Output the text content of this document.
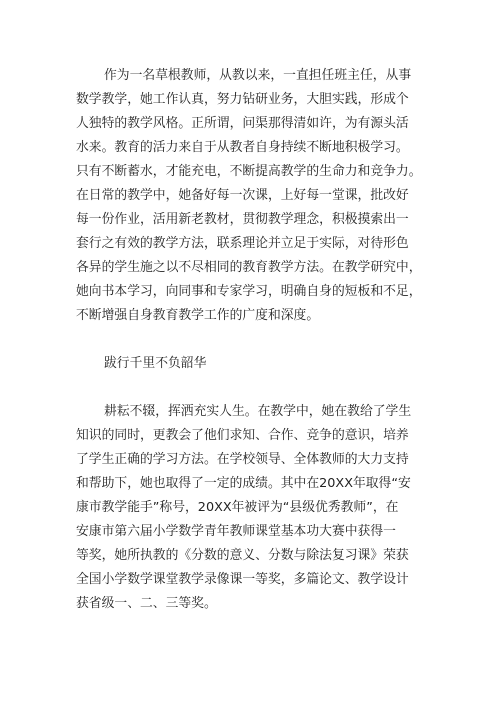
作为一名草根教师，从教以来，一直担任班主任，从事
数学教学，她工作认真，努力钻研业务，大胆实践，形成个
人独特的教学风格。正所谓，问渠那得清如许，为有源头活
水来。教育的活力来自于从教者自身持续不断地积极学习。
只有不断蓄水，才能充电，不断提高教学的生命力和竞争力。
在日常的教学中，她备好每一次课，上好每一堂课，批改好
每一份作业，活用新老教材，贯彻教学理念，积极摸索出一
套行之有效的教学方法，联系理论并立足于实际，对待形色
各异的学生施之以不尽相同的教育教学方法。在教学研究中，
她向书本学习，向同事和专家学习，明确自身的短板和不足，
不断增强自身教育教学工作的广度和深度。
跋行千里不负韶华
耕耘不辍，挥洒充实人生。在教学中，她在教给了学生
知识的同时，更教会了他们求知、合作、竞争的意识，培养
了学生正确的学习方法。在学校领导、全体教师的大力支持
和帮助下，她也取得了一定的成绩。其中在20XX年取得“安
康市教学能手”称号，20XX年被评为“县级优秀教师”，在
安康市第六届小学数学青年教师课堂基本功大赛中获得一
等奖，她所执教的《分数的意义、分数与除法复习课》荣获
全国小学数学课堂教学录像课一等奖，多篇论文、教学设计
获省级一、二、三等奖。
